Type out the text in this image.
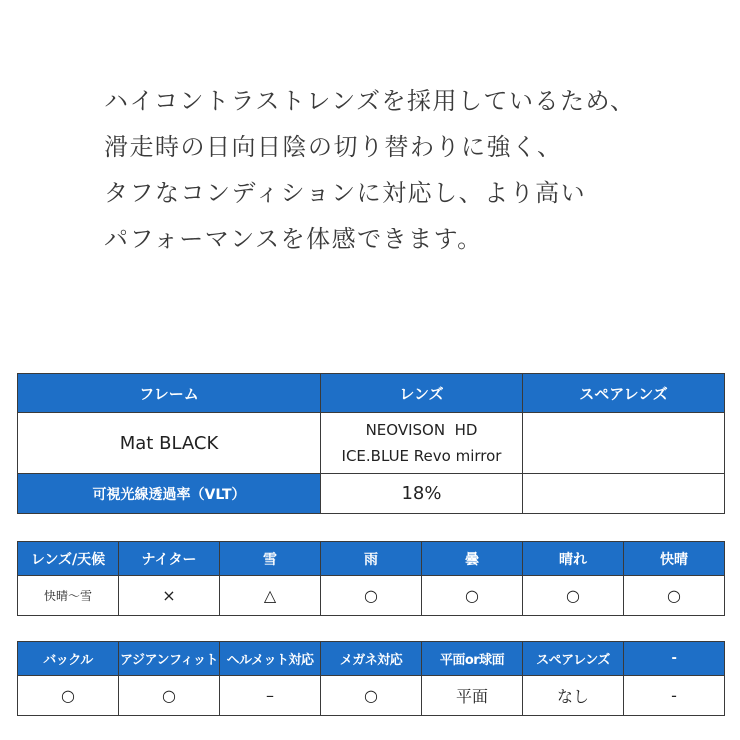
ハイコントラストレンズを採用しているため、

滑走時の日向日陰の切り替わりに強く、

タフなコンディションに対応し、より高い

パフォーマンスを体感できます。

フレーム	レンズ	スペアレンズ
Mat BLACK	NEOVISON  HD
ICE.BLUE Revo mirror	

可視光線透過率（VLT）	18%	
レンズ/天候	ナイター	雪	雨	曇	晴れ	快晴
快晴～雪	×	△	○	○	○	○
バックル	アジアンフィット	ヘルメット対応	メガネ対応	平面or球面	スペアレンズ	-
○	○	–	○	平面	なし	-
